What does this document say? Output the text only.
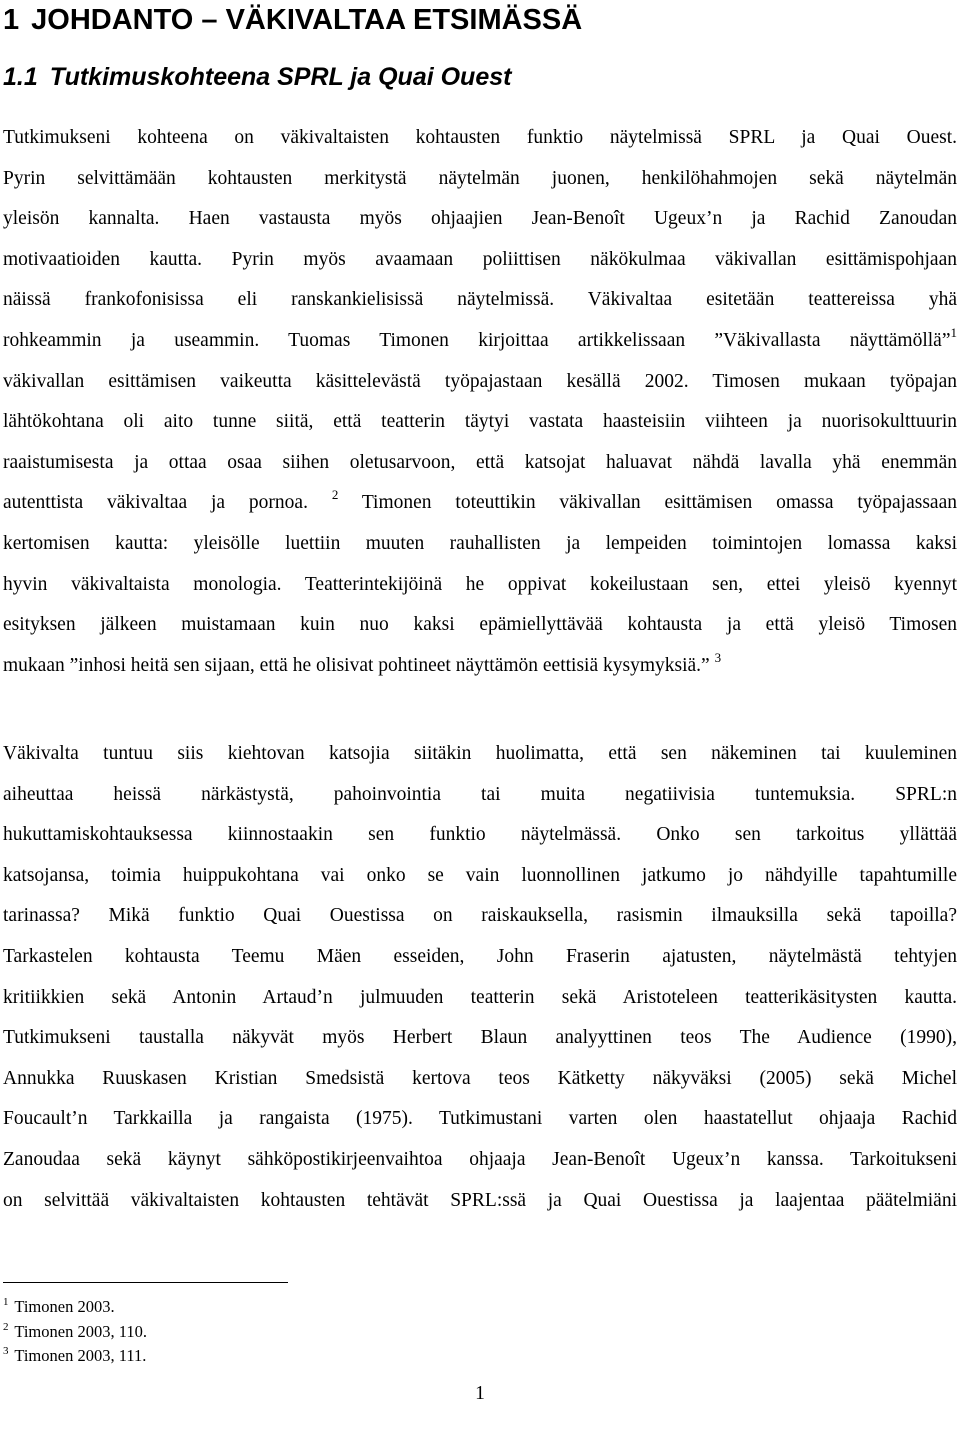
1 JOHDANTO – VÄKIVALTAA ETSIMÄSSÄ
1.1 Tutkimuskohteena SPRL ja Quai Ouest
Tutkimukseni kohteena on väkivaltaisten kohtausten funktio näytelmissä SPRL ja Quai Ouest.
Pyrin selvittämään kohtausten merkitystä näytelmän juonen, henkilöhahmojen sekä näytelmän
yleisön kannalta. Haen vastausta myös ohjaajien Jean-Benoît Ugeux’n ja Rachid Zanoudan
motivaatioiden kautta. Pyrin myös avaamaan poliittisen näkökulmaa väkivallan esittämispohjaan
näissä frankofonisissa eli ranskankielisissä näytelmissä. Väkivaltaa esitetään teattereissa yhä
rohkeammin ja useammin. Tuomas Timonen kirjoittaa artikkelissaan ”Väkivallasta näyttämöllä”$^1$
väkivallan esittämisen vaikeutta käsittelevästä työpajastaan kesällä 2002. Timosen mukaan työpajan
lähtökohtana oli aito tunne siitä, että teatterin täytyi vastata haasteisiin viihteen ja nuorisokulttuurin
raaistumisesta ja ottaa osaa siihen oletusarvoon, että katsojat haluavat nähdä lavalla yhä enemmän
autenttista väkivaltaa ja pornoa. $^2$ Timonen toteuttikin väkivallan esittämisen omassa työpajassaan
kertomisen kautta: yleisölle luettiin muuten rauhallisten ja lempeiden toimintojen lomassa kaksi
hyvin väkivaltaista monologia. Teatterintekijöinä he oppivat kokeilustaan sen, ettei yleisö kyennyt
esityksen jälkeen muistamaan kuin nuo kaksi epämiellyttävää kohtausta ja että yleisö Timosen
mukaan ”inhosi heitä sen sijaan, että he olisivat pohtineet näyttämön eettisiä kysymyksiä.” $^3$
Väkivalta tuntuu siis kiehtovan katsojia siitäkin huolimatta, että sen näkeminen tai kuuleminen
aiheuttaa heissä närkästystä, pahoinvointia tai muita negatiivisia tuntemuksia. SPRL:n
hukuttamiskohtauksessa kiinnostaakin sen funktio näytelmässä. Onko sen tarkoitus yllättää
katsojansa, toimia huippukohtana vai onko se vain luonnollinen jatkumo jo nähdyille tapahtumille
tarinassa? Mikä funktio Quai Ouestissa on raiskauksella, rasismin ilmauksilla sekä tapoilla?
Tarkastelen kohtausta Teemu Mäen esseiden, John Fraserin ajatusten, näytelmästä tehtyjen
kritiikkien sekä Antonin Artaud’n julmuuden teatterin sekä Aristoteleen teatterikäsitysten kautta.
Tutkimukseni taustalla näkyvät myös Herbert Blaun analyyttinen teos The Audience (1990),
Annukka Ruuskasen Kristian Smedsistä kertova teos Kätketty näkyväksi (2005) sekä Michel
Foucault’n Tarkkailla ja rangaista (1975). Tutkimustani varten olen haastatellut ohjaaja Rachid
Zanoudaa sekä käynyt sähköpostikirjeenvaihtoa ohjaaja Jean-Benoît Ugeux’n kanssa. Tarkoitukseni
on selvittää väkivaltaisten kohtausten tehtävät SPRL:ssä ja Quai Ouestissa ja laajentaa päätelmiäni
$^1$ Timonen 2003.
$^2$ Timonen 2003, 110.
$^3$ Timonen 2003, 111.
1
